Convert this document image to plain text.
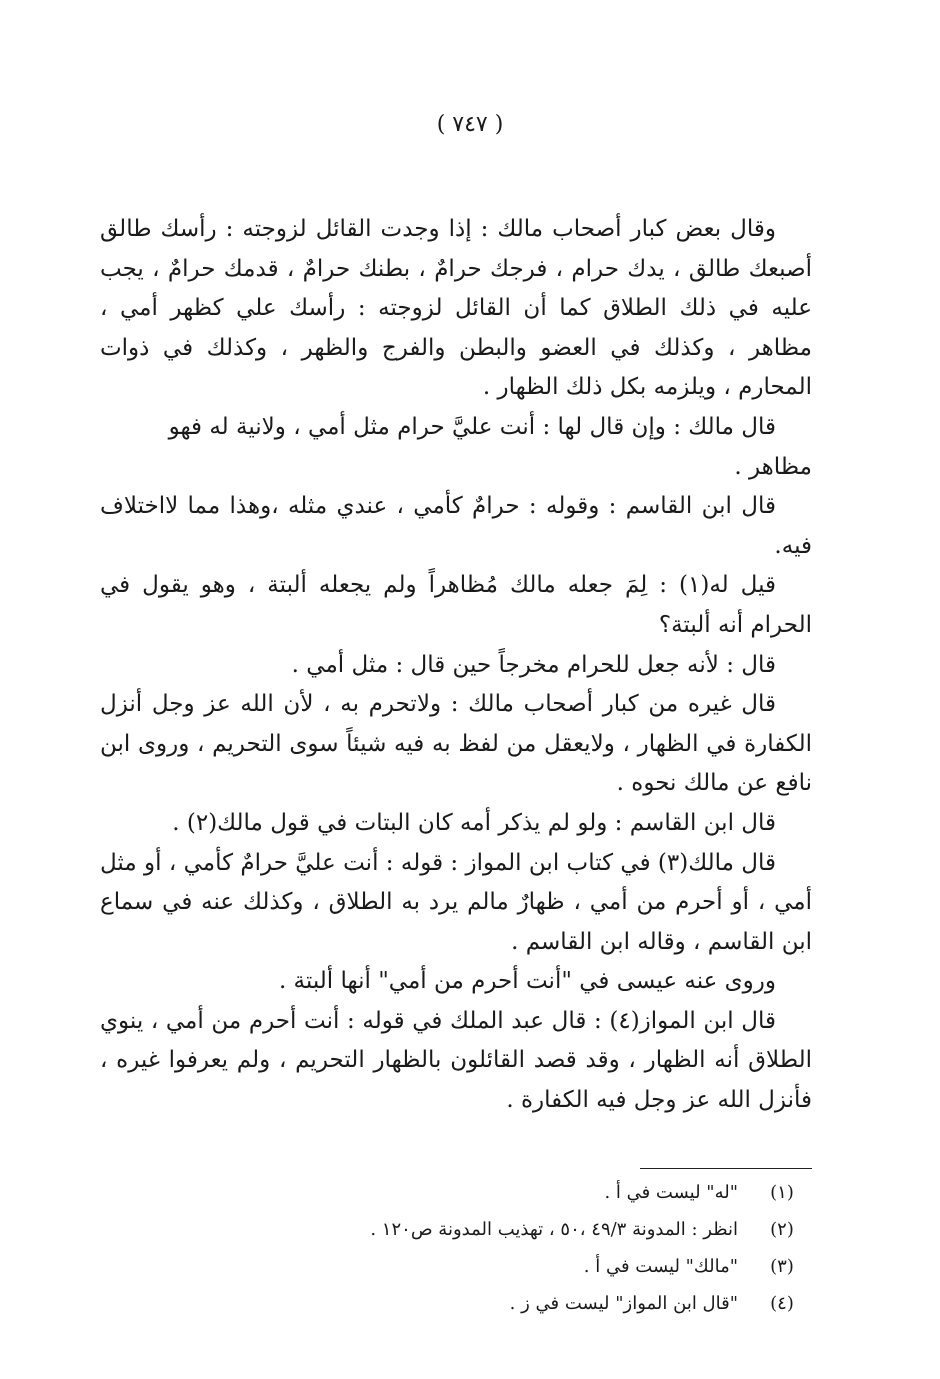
( ٧٤٧ )

وقال بعض كبار أصحاب مالك : إذا وجدت القائل لزوجته : رأسك طالق أصبعك طالق ، يدك حرام ، فرجك حرامٌ ، بطنك حرامٌ ، قدمك حرامٌ ، يجب عليه في ذلك الطلاق كما أن القائل لزوجته : رأسك علي كظهر أمي ، مظاهر ، وكذلك في العضو والبطن والفرج والظهر ، وكذلك في ذوات المحارم ، ويلزمه بكل ذلك الظهار .

قال مالك : وإن قال لها : أنت عليَّ حرام مثل أمي ، ولانية له فهو مظاهر .

قال ابن القاسم : وقوله : حرامٌ كأمي ، عندي مثله ،وهذا مما لااختلاف فيه.

قيل له(١) : لِمَ جعله مالك مُظاهراً ولم يجعله ألبتة ، وهو يقول في الحرام أنه ألبتة؟

قال : لأنه جعل للحرام مخرجاً حين قال : مثل أمي .

قال غيره من كبار أصحاب مالك : ولاتحرم به ، لأن الله عز وجل أنزل الكفارة في الظهار ، ولايعقل من لفظ به فيه شيئاً سوى التحريم ، وروى ابن نافع عن مالك نحوه .

قال ابن القاسم : ولو لم يذكر أمه كان البتات في قول مالك(٢) .

قال مالك(٣) في كتاب ابن المواز : قوله : أنت عليَّ حرامٌ كأمي ، أو مثل أمي ، أو أحرم من أمي ، ظهارٌ مالم يرد به الطلاق ، وكذلك عنه في سماع ابن القاسم ، وقاله ابن القاسم .

وروى عنه عيسى في "أنت أحرم من أمي" أنها ألبتة .

قال ابن المواز(٤) : قال عبد الملك في قوله : أنت أحرم من أمي ، ينوي الطلاق أنه الظهار ، وقد قصد القائلون بالظهار التحريم ، ولم يعرفوا غيره ، فأنزل الله عز وجل فيه الكفارة .

(١)
"له" ليست في أ .
(٢)
انظر : المدونة ٤٩/٣ ،٥٠ ، تهذيب المدونة ص١٢٠ .
(٣)
"مالك" ليست في أ .
(٤)
"قال ابن المواز" ليست في ز .
